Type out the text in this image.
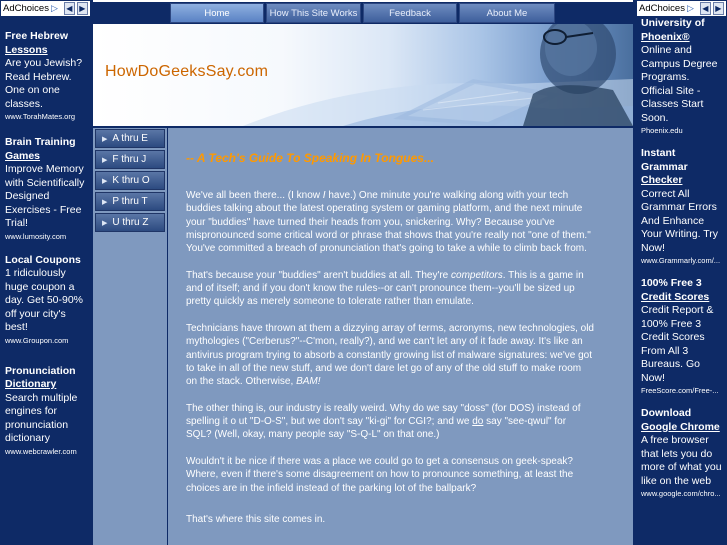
AdChoices ▷	◀ ▶
Free Hebrew
Lessons
Are you Jewish? Read Hebrew. One on one classes.
www.TorahMates.org
Brain Training
Games
Improve Memory with Scientifically Designed Exercises - Free Trial!
www.lumosity.com
Local Coupons
1 ridiculously huge coupon a day. Get 50-90% off your city's best!
www.Groupon.com
Pronunciation
Dictionary
Search multiple engines for pronunciation dictionary
www.webcrawler.com
Home	How This Site Works	Feedback	About Me
HowDoGeeksSay.com
▶ A thru E
▶ F thru J
▶ K thru O
▶ P thru T
▶ U thru Z
-- A Tech's Guide To Speaking In Tongues...

We've all been there... (I know I have.) One minute you're walking along with your tech buddies talking about the latest operating system or gaming platform, and the next minute your "buddies" have turned their heads from you, snickering. Why? Because you've mispronounced some critical word or phrase that shows that you're really not "one of them." You've committed a breach of pronunciation that's going to take a while to climb back from.

That's because your "buddies" aren't buddies at all. They're competitors. This is a game in and of itself; and if you don't know the rules--or can't pronounce them--you'll be sized up pretty quickly as merely someone to tolerate rather than emulate.

Technicians have thrown at them a dizzying array of terms, acronyms, new technologies, old mythologies ("Cerberus?"--C'mon, really?), and we can't let any of it fade away. It's like an antivirus program trying to absorb a constantly growing list of malware signatures: we've got to take in all of the new stuff, and we don't dare let go of any of the old stuff to make room on the stack. Otherwise, BAM!

The other thing is, our industry is really weird. Why do we say "doss" (for DOS) instead of spelling it o ut "D-O-S", but we don't say "ki-gi" for CGI?; and we do say "see-qwul" for SQL? (Well, okay, many people say "S-Q-L" on that one.)

Wouldn't it be nice if there was a place we could go to get a consensus on geek-speak? Where, even if there's some disagreement on how to pronounce something, at least the choices are in the infield instead of the parking lot of the ballpark?

That's where this site comes in.

AdChoices ▷	◀ ▶
University of
Phoenix®
Online and Campus Degree Programs. Official Site - Classes Start Soon.
Phoenix.edu
Instant Grammar
Checker
Correct All Grammar Errors And Enhance Your Writing. Try Now!
www.Grammarly.com/...
100% Free 3
Credit Scores
Credit Report & 100% Free 3 Credit Scores From All 3 Bureaus. Go Now!
FreeScore.com/Free-...
Download
Google Chrome
A free browser that lets you do more of what you like on the web
www.google.com/chro...
